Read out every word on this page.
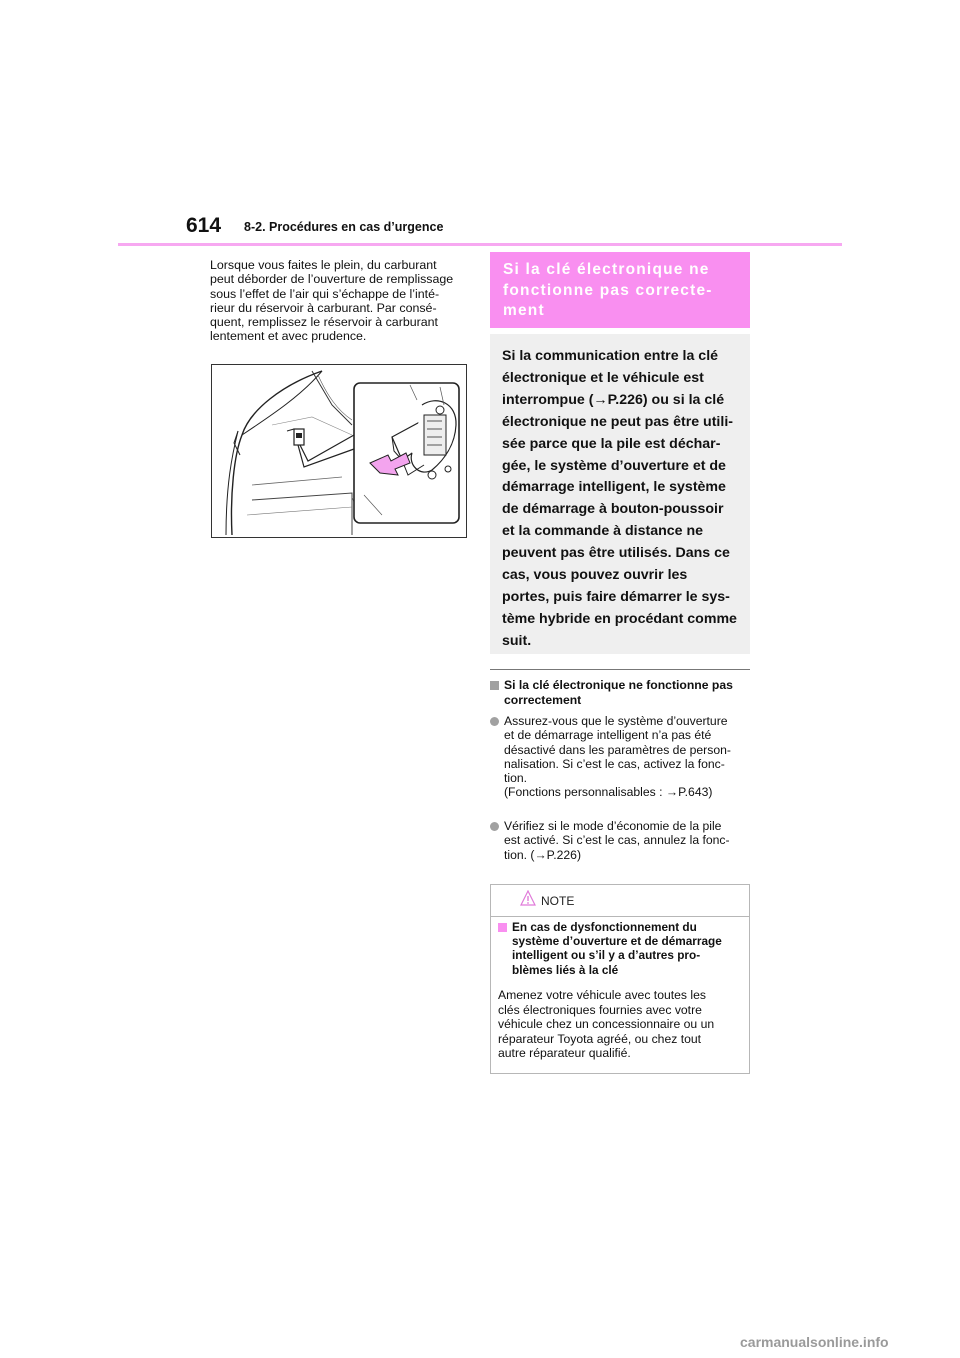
614 8-2. Procédures en cas d’urgence
Lorsque vous faites le plein, du carburant
peut déborder de l’ouverture de remplissage
sous l’effet de l’air qui s’échappe de l’inté-
rieur du réservoir à carburant. Par consé-
quent, remplissez le réservoir à carburant
lentement et avec prudence.
Si la clé électronique ne
fonctionne pas correcte-
ment
Si la communication entre la clé
électronique et le véhicule est
interrompue (→P.226) ou si la clé
électronique ne peut pas être utili-
sée parce que la pile est déchar-
gée, le système d’ouverture et de
démarrage intelligent, le système
de démarrage à bouton-poussoir
et la commande à distance ne
peuvent pas être utilisés. Dans ce
cas, vous pouvez ouvrir les
portes, puis faire démarrer le sys-
tème hybride en procédant comme
suit.
Si la clé électronique ne fonctionne pas
correctement
Assurez-vous que le système d’ouverture
et de démarrage intelligent n’a pas été
désactivé dans les paramètres de person-
nalisation. Si c’est le cas, activez la fonc-
tion.
(Fonctions personnalisables : →P.643)
Vérifiez si le mode d’économie de la pile
est activé. Si c’est le cas, annulez la fonc-
tion. (→P.226)
NOTE
En cas de dysfonctionnement du
système d’ouverture et de démarrage
intelligent ou s’il y a d’autres pro-
blèmes liés à la clé
Amenez votre véhicule avec toutes les
clés électroniques fournies avec votre
véhicule chez un concessionnaire ou un
réparateur Toyota agréé, ou chez tout
autre réparateur qualifié.
carmanualsonline.info
